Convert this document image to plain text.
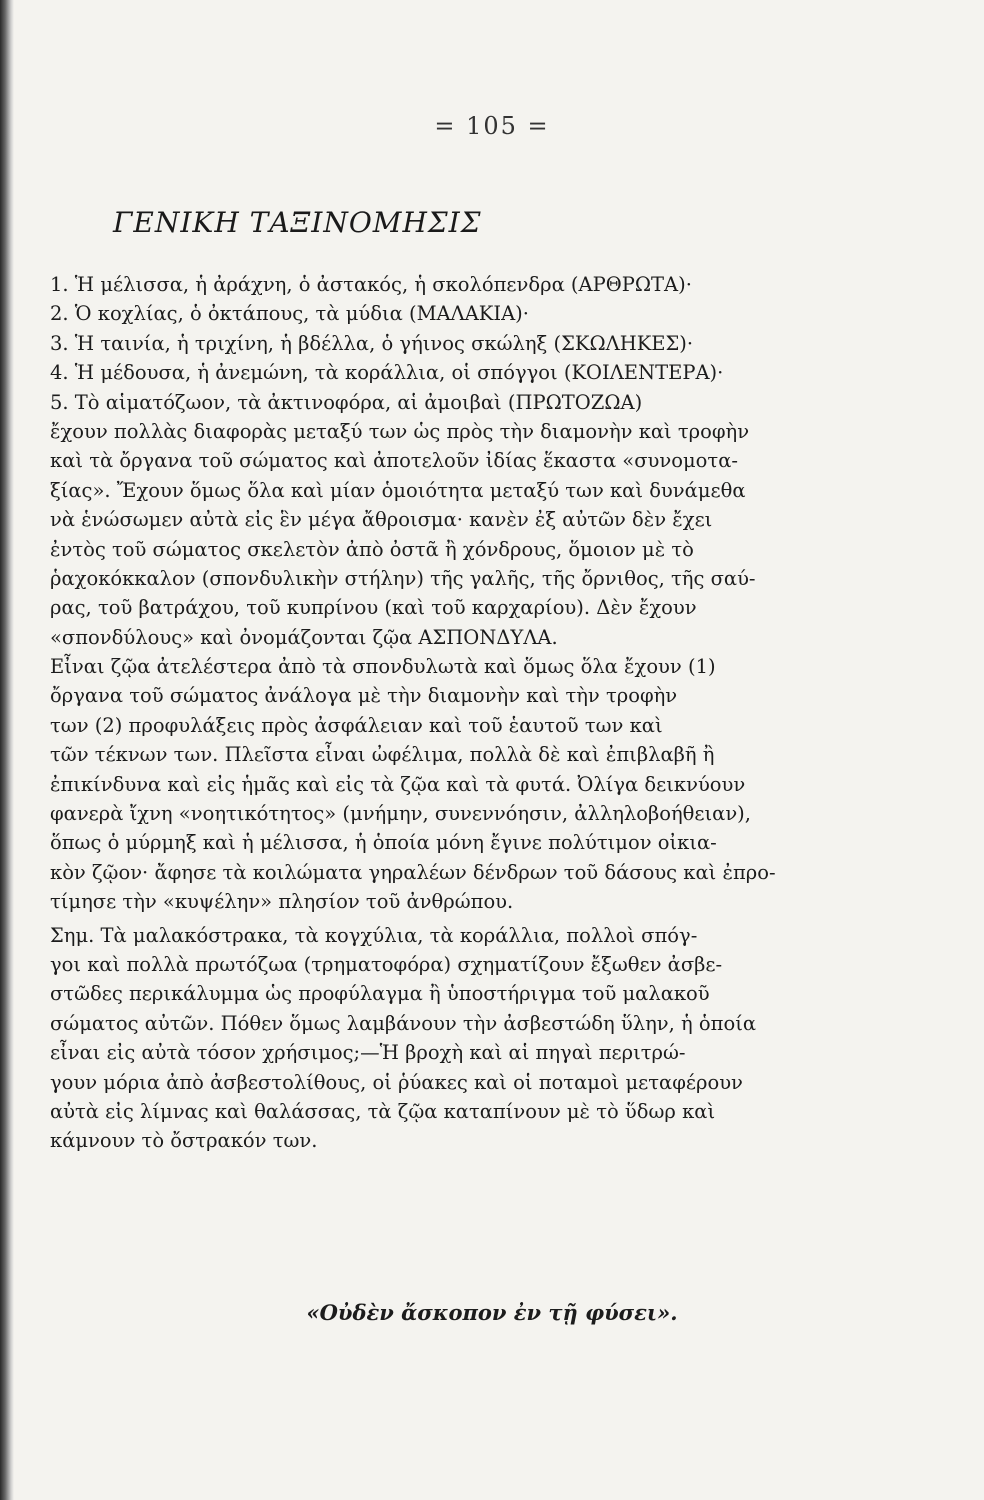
= 105 =
ΓΕΝΙΚΗ ΤΑΞΙΝΟΜΗΣΙΣ
1. Ἡ μέλισσα, ἡ ἀράχνη, ὁ ἀστακός, ἡ σκολόπενδρα (ΑΡΘΡΩΤΑ)·
2. Ὁ κοχλίας, ὁ ὀκτάπους, τὰ μύδια (ΜΑΛΑΚΙΑ)·
3. Ἡ ταινία, ἡ τριχίνη, ἡ βδέλλα, ὁ γήινος σκώληξ (ΣΚΩΛΗΚΕΣ)·
4. Ἡ μέδουσα, ἡ ἀνεμώνη, τὰ κοράλλια, οἱ σπόγγοι (ΚΟΙΛΕΝΤΕΡΑ)·
5. Τὸ αἱματόζωον, τὰ ἀκτινοφόρα, αἱ ἀμοιβαὶ (ΠΡΩΤΟΖΩΑ)
ἔχουν πολλὰς διαφορὰς μεταξύ των ὡς πρὸς τὴν διαμονὴν καὶ τροφὴν
καὶ τὰ ὄργανα τοῦ σώματος καὶ ἀποτελοῦν ἰδίας ἕκαστα «συνομοτα-
ξίας». Ἔχουν ὅμως ὅλα καὶ μίαν ὁμοιότητα μεταξύ των καὶ δυνάμεθα
νὰ ἑνώσωμεν αὐτὰ εἰς ἓν μέγα ἄθροισμα· κανὲν ἐξ αὐτῶν δὲν ἔχει
ἐντὸς τοῦ σώματος σκελετὸν ἀπὸ ὀστᾶ ἢ χόνδρους, ὅμοιον μὲ τὸ
ῥαχοκόκκαλον (σπονδυλικὴν στήλην) τῆς γαλῆς, τῆς ὄρνιθος, τῆς σαύ-
ρας, τοῦ βατράχου, τοῦ κυπρίνου (καὶ τοῦ καρχαρίου). Δὲν ἔχουν
«σπονδύλους» καὶ ὀνομάζονται ζῷα ΑΣΠΟΝΔΥΛΑ.
Εἶναι ζῷα ἀτελέστερα ἀπὸ τὰ σπονδυλωτὰ καὶ ὅμως ὅλα ἔχουν (1)
ὄργανα τοῦ σώματος ἀνάλογα μὲ τὴν διαμονὴν καὶ τὴν τροφὴν
των (2) προφυλάξεις πρὸς ἀσφάλειαν καὶ τοῦ ἑαυτοῦ των καὶ
τῶν τέκνων των. Πλεῖστα εἶναι ὠφέλιμα, πολλὰ δὲ καὶ ἐπιβλαβῆ ἢ
ἐπικίνδυνα καὶ εἰς ἡμᾶς καὶ εἰς τὰ ζῷα καὶ τὰ φυτά. Ὀλίγα δεικνύουν
φανερὰ ἴχνη «νοητικότητος» (μνήμην, συνεννόησιν, ἀλληλοβοήθειαν),
ὅπως ὁ μύρμηξ καὶ ἡ μέλισσα, ἡ ὁποία μόνη ἔγινε πολύτιμον οἰκια-
κὸν ζῷον· ἄφησε τὰ κοιλώματα γηραλέων δένδρων τοῦ δάσους καὶ ἐπρο-
τίμησε τὴν «κυψέλην» πλησίον τοῦ ἀνθρώπου.
Σημ. Τὰ μαλακόστρακα, τὰ κογχύλια, τὰ κοράλλια, πολλοὶ σπόγ-
γοι καὶ πολλὰ πρωτόζωα (τρηματοφόρα) σχηματίζουν ἔξωθεν ἀσβε-
στῶδες περικάλυμμα ὡς προφύλαγμα ἢ ὑποστήριγμα τοῦ μαλακοῦ
σώματος αὐτῶν. Πόθεν ὅμως λαμβάνουν τὴν ἀσβεστώδη ὕλην, ἡ ὁποία
εἶναι εἰς αὐτὰ τόσον χρήσιμος;—Ἡ βροχὴ καὶ αἱ πηγαὶ περιτρώ-
γουν μόρια ἀπὸ ἀσβεστολίθους, οἱ ῥύακες καὶ οἱ ποταμοὶ μεταφέρουν
αὐτὰ εἰς λίμνας καὶ θαλάσσας, τὰ ζῷα καταπίνουν μὲ τὸ ὕδωρ καὶ
κάμνουν τὸ ὄστρακόν των.
«Οὐδὲν ἄσκοπον ἐν τῇ φύσει».
